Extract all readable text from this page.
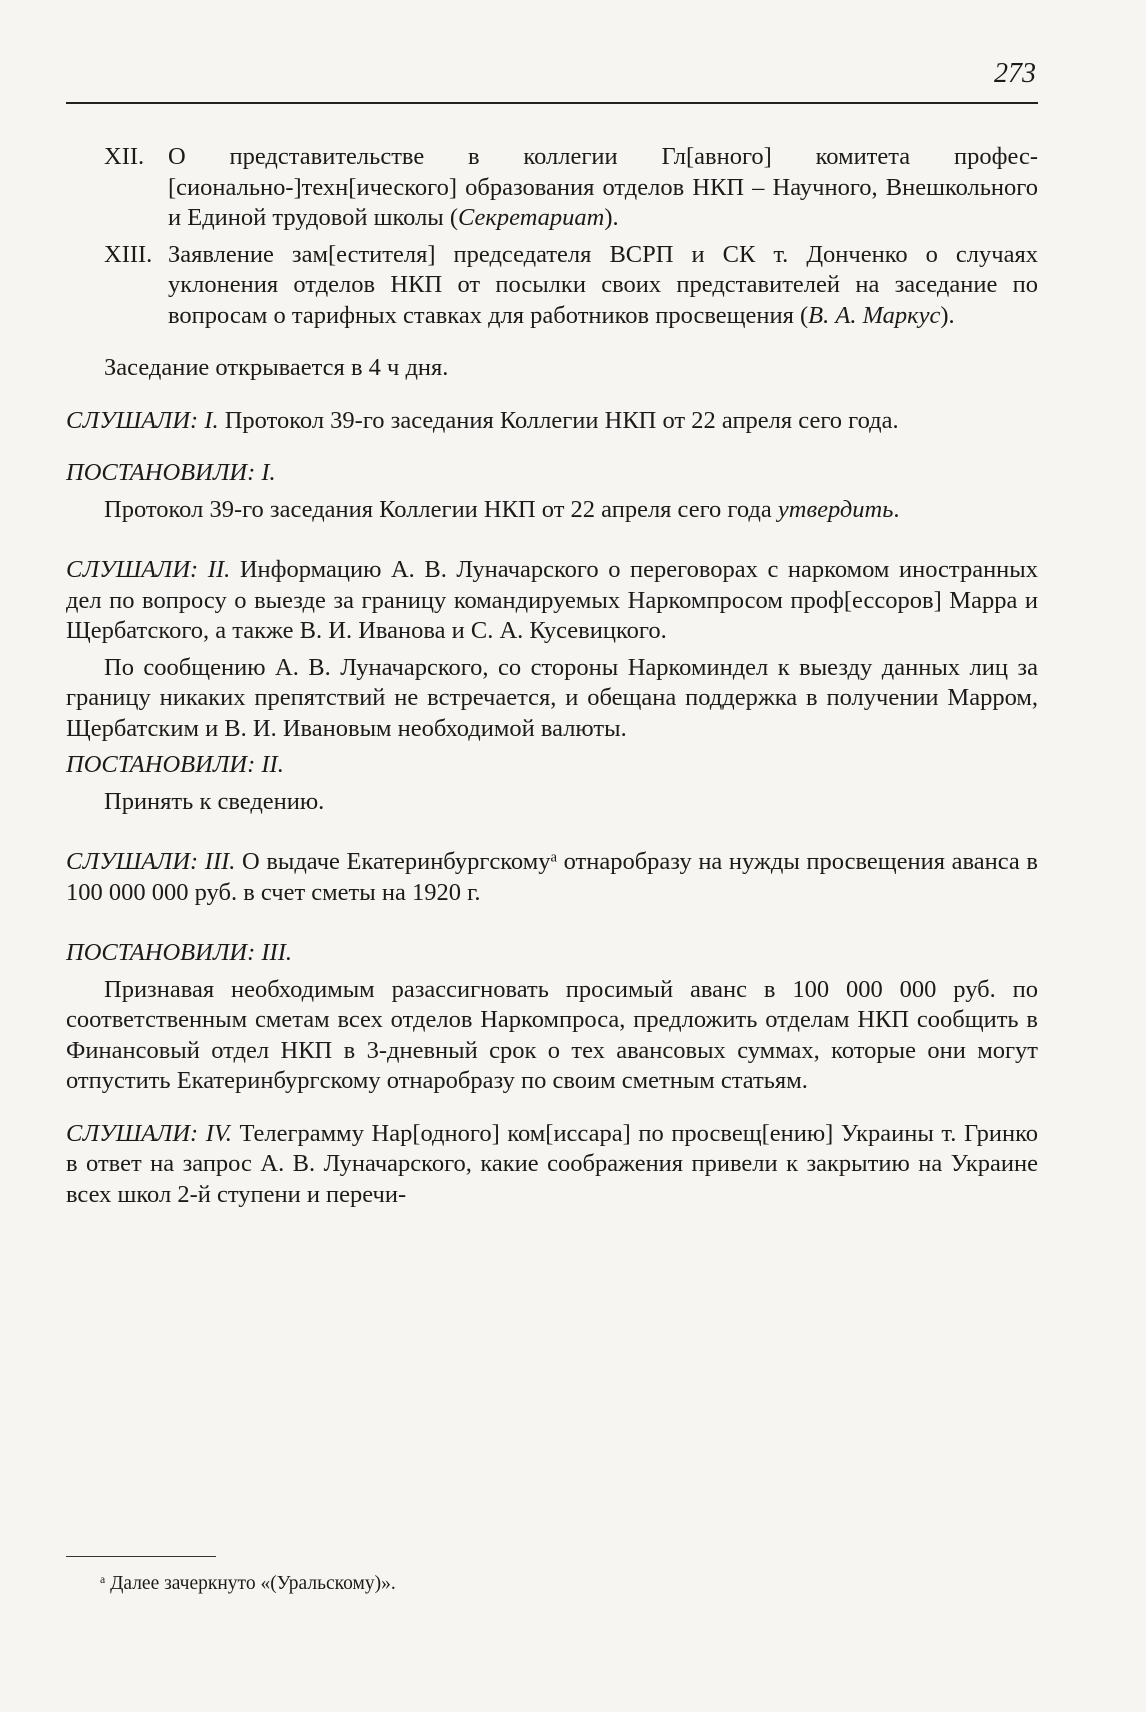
273
XII. О представительстве в коллегии Гл[авного] комитета профес[сионально-]техн[ического] образования отделов НКП – Научного, Внешкольного и Единой трудовой школы (Секретариат).

XIII. Заявление зам[естителя] председателя ВСРП и СК т. Донченко о случаях уклонения отделов НКП от посылки своих представителей на заседание по вопросам о тарифных ставках для работников просвещения (В. А. Маркус).

Заседание открывается в 4 ч дня.

СЛУШАЛИ: I. Протокол 39-го заседания Коллегии НКП от 22 апреля сего года.

ПОСТАНОВИЛИ: I.

Протокол 39-го заседания Коллегии НКП от 22 апреля сего года утвердить.

СЛУШАЛИ: II. Информацию А. В. Луначарского о переговорах с наркомом иностранных дел по вопросу о выезде за границу командируемых Наркомпросом проф[ессоров] Марра и Щербатского, а также В. И. Иванова и С. А. Кусевицкого.

По сообщению А. В. Луначарского, со стороны Наркоминдел к выезду данных лиц за границу никаких препятствий не встречается, и обещана поддержка в получении Марром, Щербатским и В. И. Ивановым необходимой валюты.

ПОСТАНОВИЛИ: II.

Принять к сведению.

СЛУШАЛИ: III. О выдаче Екатеринбургскому$^а$ отнаробразу на нужды просвещения аванса в 100 000 000 руб. в счет сметы на 1920 г.

ПОСТАНОВИЛИ: III.

Признавая необходимым разассигновать просимый аванс в 100 000 000 руб. по соответственным сметам всех отделов Наркомпроса, предложить отделам НКП сообщить в Финансовый отдел НКП в 3-дневный срок о тех авансовых суммах, которые они могут отпустить Екатеринбургскому отнаробразу по своим сметным статьям.

СЛУШАЛИ: IV. Телеграмму Нар[одного] ком[иссара] по просвещ[ению] Украины т. Гринко в ответ на запрос А. В. Луначарского, какие соображения привели к закрытию на Украине всех школ 2-й ступени и перечи-

$^а$ Далее зачеркнуто «(Уральскому)».
